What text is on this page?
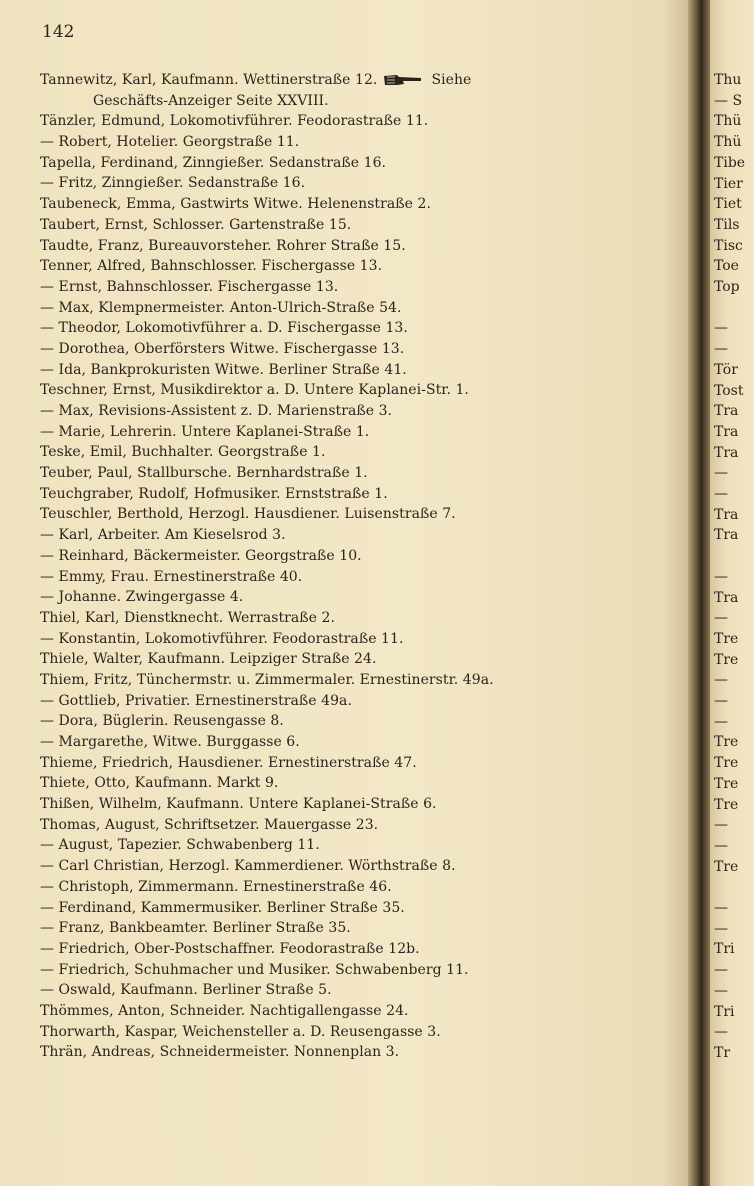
142
Tannewitz, Karl, Kaufmann. Wettinerstraße 12.	Siehe
Geschäfts-Anzeiger Seite XXVIII.
Tänzler, Edmund, Lokomotivführer. Feodorastraße 11.
— Robert, Hotelier. Georgstraße 11.
Tapella, Ferdinand, Zinngießer. Sedanstraße 16.
— Fritz, Zinngießer. Sedanstraße 16.
Taubeneck, Emma, Gastwirts Witwe. Helenenstraße 2.
Taubert, Ernst, Schlosser. Gartenstraße 15.
Taudte, Franz, Bureauvorsteher. Rohrer Straße 15.
Tenner, Alfred, Bahnschlosser. Fischergasse 13.
— Ernst, Bahnschlosser. Fischergasse 13.
— Max, Klempnermeister. Anton-Ulrich-Straße 54.
— Theodor, Lokomotivführer a. D. Fischergasse 13.
— Dorothea, Oberförsters Witwe. Fischergasse 13.
— Ida, Bankprokuristen Witwe. Berliner Straße 41.
Teschner, Ernst, Musikdirektor a. D. Untere Kaplanei-Str. 1.
— Max, Revisions-Assistent z. D. Marienstraße 3.
— Marie, Lehrerin. Untere Kaplanei-Straße 1.
Teske, Emil, Buchhalter. Georgstraße 1.
Teuber, Paul, Stallbursche. Bernhardstraße 1.
Teuchgraber, Rudolf, Hofmusiker. Ernststraße 1.
Teuschler, Berthold, Herzogl. Hausdiener. Luisenstraße 7.
— Karl, Arbeiter. Am Kieselsrod 3.
— Reinhard, Bäckermeister. Georgstraße 10.
— Emmy, Frau. Ernestinerstraße 40.
— Johanne. Zwingergasse 4.
Thiel, Karl, Dienstknecht. Werrastraße 2.
— Konstantin, Lokomotivführer. Feodorastraße 11.
Thiele, Walter, Kaufmann. Leipziger Straße 24.
Thiem, Fritz, Tünchermstr. u. Zimmermaler. Ernestinerstr. 49a.
— Gottlieb, Privatier. Ernestinerstraße 49a.
— Dora, Büglerin. Reusengasse 8.
— Margarethe, Witwe. Burggasse 6.
Thieme, Friedrich, Hausdiener. Ernestinerstraße 47.
Thiete, Otto, Kaufmann. Markt 9.
Thißen, Wilhelm, Kaufmann. Untere Kaplanei-Straße 6.
Thomas, August, Schriftsetzer. Mauergasse 23.
— August, Tapezier. Schwabenberg 11.
— Carl Christian, Herzogl. Kammerdiener. Wörthstraße 8.
— Christoph, Zimmermann. Ernestinerstraße 46.
— Ferdinand, Kammermusiker. Berliner Straße 35.
— Franz, Bankbeamter. Berliner Straße 35.
— Friedrich, Ober-Postschaffner. Feodorastraße 12b.
— Friedrich, Schuhmacher und Musiker. Schwabenberg 11.
— Oswald, Kaufmann. Berliner Straße 5.
Thömmes, Anton, Schneider. Nachtigallengasse 24.
Thorwarth, Kaspar, Weichensteller a. D. Reusengasse 3.
Thrän, Andreas, Schneidermeister. Nonnenplan 3.
Thu
— S
Thü
Thü
Tibe
Tier
Tiet
Tils
Tisc
Toe
Top
—
—
Tör
Tost
Tra
Tra
Tra
—
—
Tra
Tra
—
Tra
—
Tre
Tre
—
—
—
Tre
Tre
Tre
Tre
—
—
Tre
—
—
Tri
—
—
Tri
—
Tr
